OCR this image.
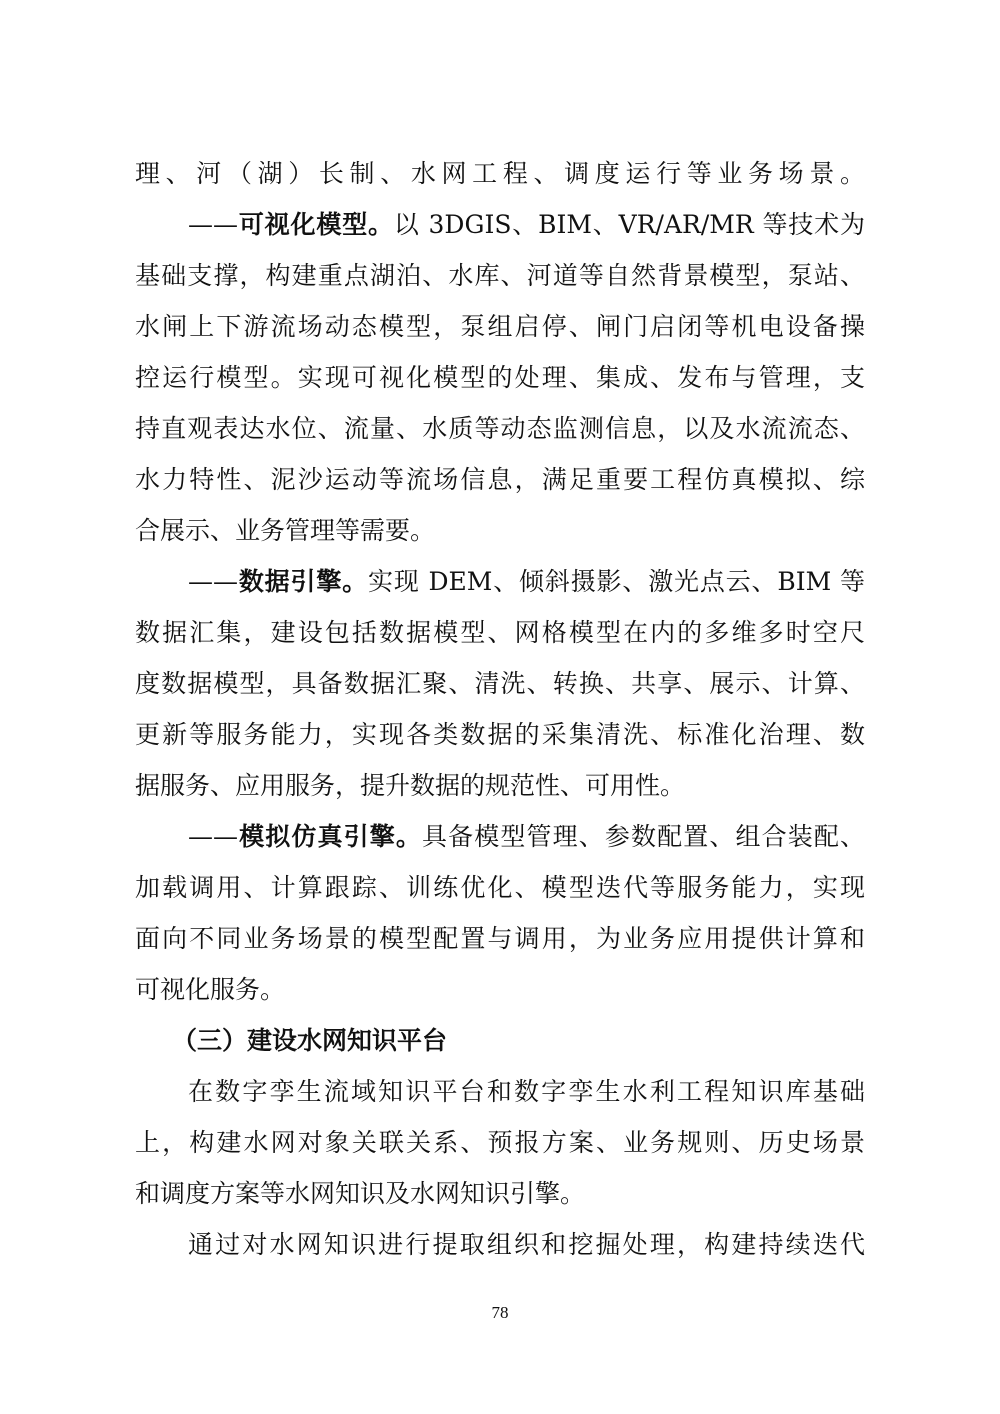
理、河（湖）长制、水网工程、调度运行等业务场景。
——可视化模型。以 3DGIS、BIM、VR/AR/MR 等技术为
基础支撑，构建重点湖泊、水库、河道等自然背景模型，泵站、
水闸上下游流场动态模型，泵组启停、闸门启闭等机电设备操
控运行模型。实现可视化模型的处理、集成、发布与管理，支
持直观表达水位、流量、水质等动态监测信息，以及水流流态、
水力特性、泥沙运动等流场信息，满足重要工程仿真模拟、综
合展示、业务管理等需要。
——数据引擎。实现 DEM、倾斜摄影、激光点云、BIM 等
数据汇集，建设包括数据模型、网格模型在内的多维多时空尺
度数据模型，具备数据汇聚、清洗、转换、共享、展示、计算、
更新等服务能力，实现各类数据的采集清洗、标准化治理、数
据服务、应用服务，提升数据的规范性、可用性。
——模拟仿真引擎。具备模型管理、参数配置、组合装配、
加载调用、计算跟踪、训练优化、模型迭代等服务能力，实现
面向不同业务场景的模型配置与调用，为业务应用提供计算和
可视化服务。
（三）建设水网知识平台
在数字孪生流域知识平台和数字孪生水利工程知识库基础
上，构建水网对象关联关系、预报方案、业务规则、历史场景
和调度方案等水网知识及水网知识引擎。
通过对水网知识进行提取组织和挖掘处理，构建持续迭代
78
